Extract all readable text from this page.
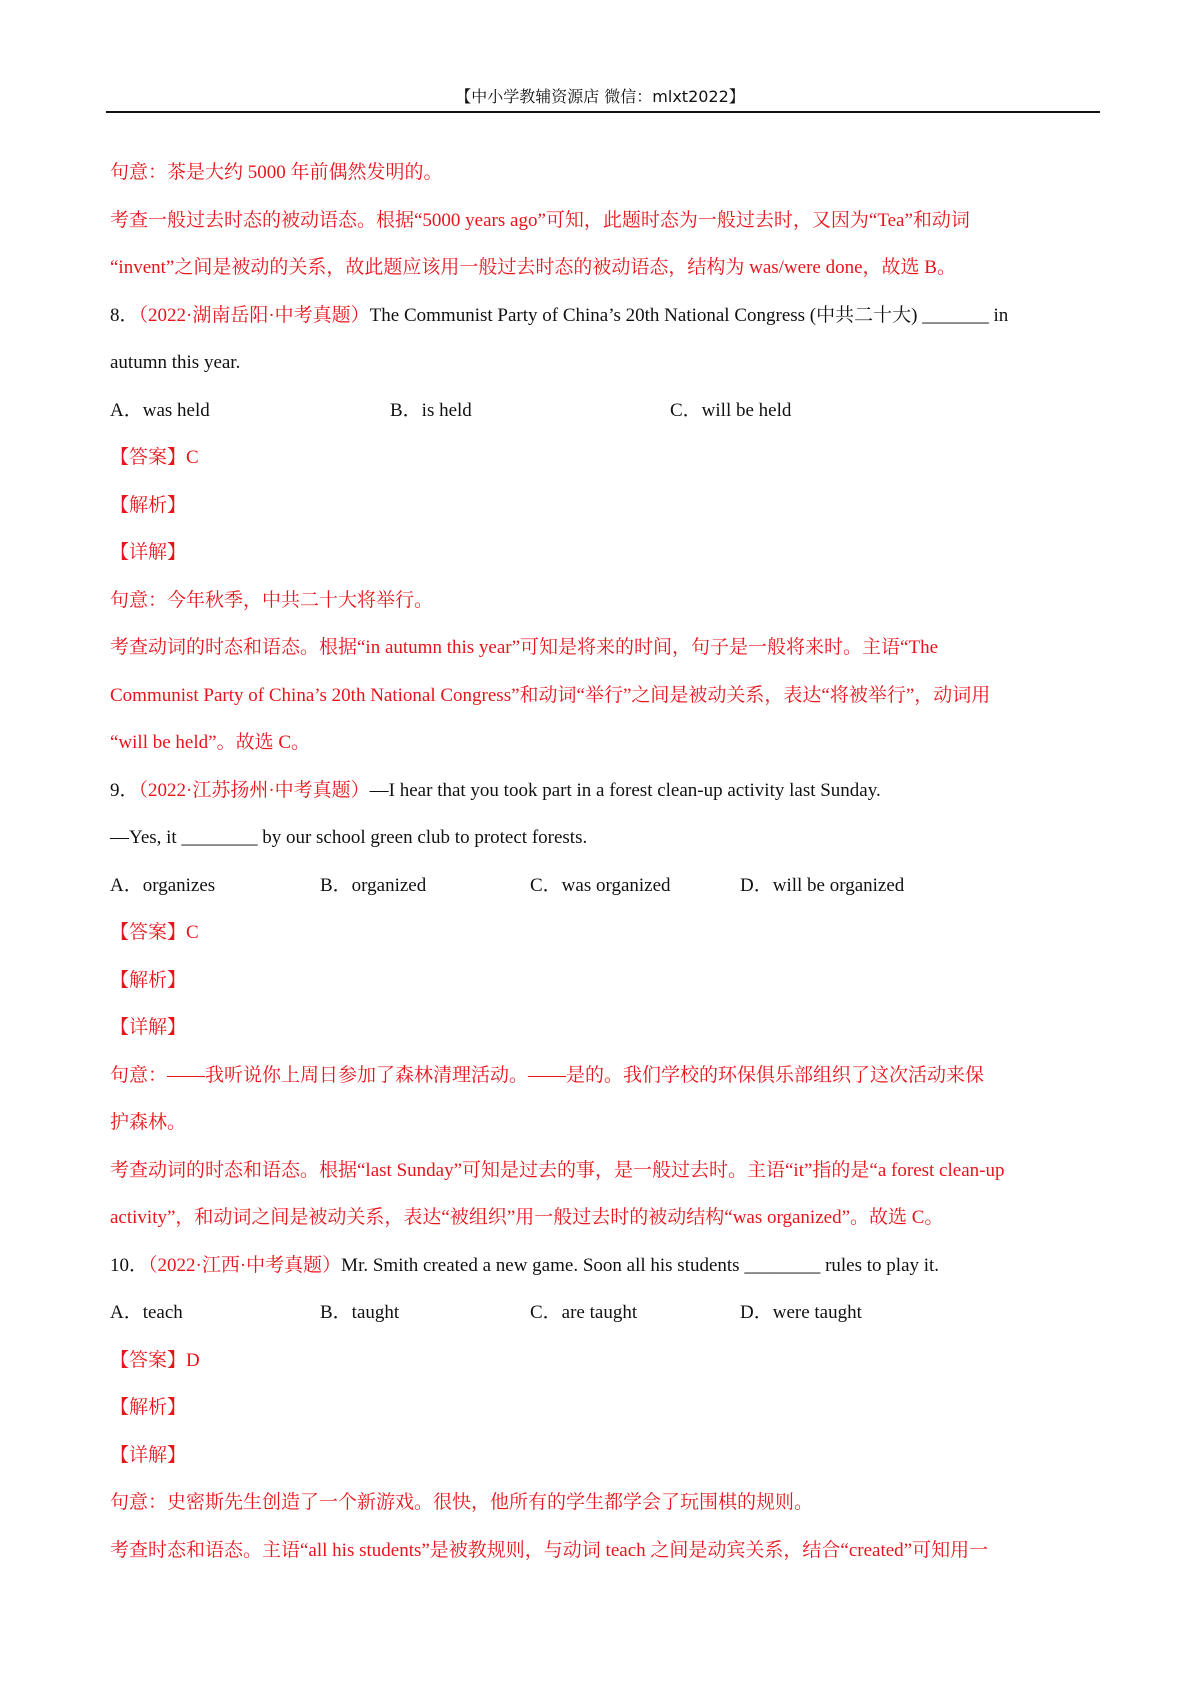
【中小学教辅资源店 微信：mlxt2022】
句意：茶是大约 5000 年前偶然发明的。
考查一般过去时态的被动语态。根据“5000 years ago”可知，此题时态为一般过去时，又因为“Tea”和动词
“invent”之间是被动的关系，故此题应该用一般过去时态的被动语态，结构为 was/were done，故选 B。
8．（2022·湖南岳阳·中考真题）The Communist Party of China’s 20th National Congress (中共二十大) _______ in
autumn this year.
A．was held	B．is held	C．will be held
【答案】C
【解析】
【详解】
句意：今年秋季，中共二十大将举行。
考查动词的时态和语态。根据“in autumn this year”可知是将来的时间，句子是一般将来时。主语“The
Communist Party of China’s 20th National Congress”和动词“举行”之间是被动关系，表达“将被举行”，动词用
“will be held”。故选 C。
9．（2022·江苏扬州·中考真题）—I hear that you took part in a forest clean-up activity last Sunday.
—Yes, it ________ by our school green club to protect forests.
A．organizes	B．organized	C．was organized	D．will be organized
【答案】C
【解析】
【详解】
句意：——我听说你上周日参加了森林清理活动。——是的。我们学校的环保俱乐部组织了这次活动来保
护森林。
考查动词的时态和语态。根据“last Sunday”可知是过去的事，是一般过去时。主语“it”指的是“a forest clean-up
activity”，和动词之间是被动关系，表达“被组织”用一般过去时的被动结构“was organized”。故选 C。
10．（2022·江西·中考真题）Mr. Smith created a new game. Soon all his students ________ rules to play it.
A．teach	B．taught	C．are taught	D．were taught
【答案】D
【解析】
【详解】
句意：史密斯先生创造了一个新游戏。很快，他所有的学生都学会了玩围棋的规则。
考查时态和语态。主语“all his students”是被教规则，与动词 teach 之间是动宾关系，结合“created”可知用一
